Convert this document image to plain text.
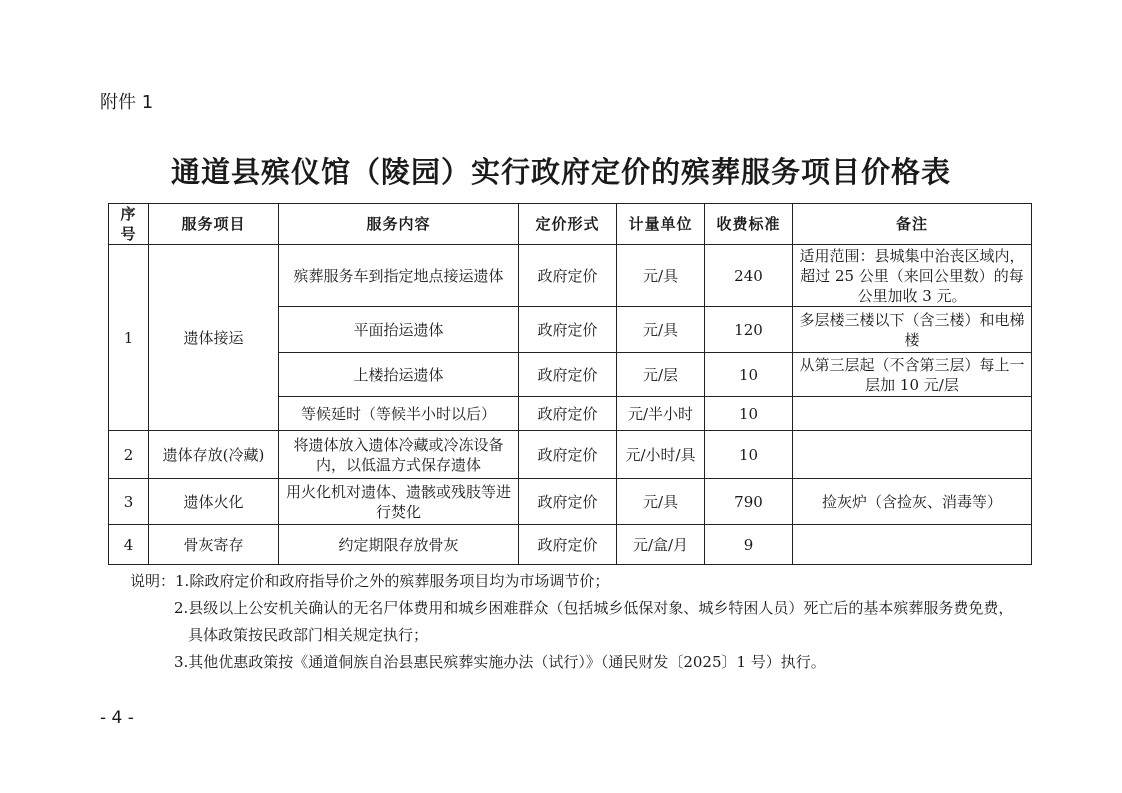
附件 1
通道县殡仪馆（陵园）实行政府定价的殡葬服务项目价格表
序号	服务项目	服务内容	定价形式	计量单位	收费标准	备注
1	遗体接运	殡葬服务车到指定地点接运遗体	政府定价	元/具	240	适用范围：县城集中治丧区域内，超过 25 公里（来回公里数）的每公里加收 3 元。
		平面抬运遗体	政府定价	元/具	120	多层楼三楼以下（含三楼）和电梯楼
		上楼抬运遗体	政府定价	元/层	10	从第三层起（不含第三层）每上一层加 10 元/层
		等候延时（等候半小时以后）	政府定价	元/半小时	10	
2	遗体存放(冷藏)	将遗体放入遗体冷藏或冷冻设备内，以低温方式保存遗体	政府定价	元/小时/具	10	
3	遗体火化	用火化机对遗体、遗骸或残肢等进行焚化	政府定价	元/具	790	捡灰炉（含捡灰、消毒等）
4	骨灰寄存	约定期限存放骨灰	政府定价	元/盒/月	9	
说明：1.除政府定价和政府指导价之外的殡葬服务项目均为市场调节价；
2.县级以上公安机关确认的无名尸体费用和城乡困难群众（包括城乡低保对象、城乡特困人员）死亡后的基本殡葬服务费免费，
具体政策按民政部门相关规定执行；
3.其他优惠政策按《通道侗族自治县惠民殡葬实施办法（试行）》（通民财发〔2025〕1 号）执行。
- 4 -
